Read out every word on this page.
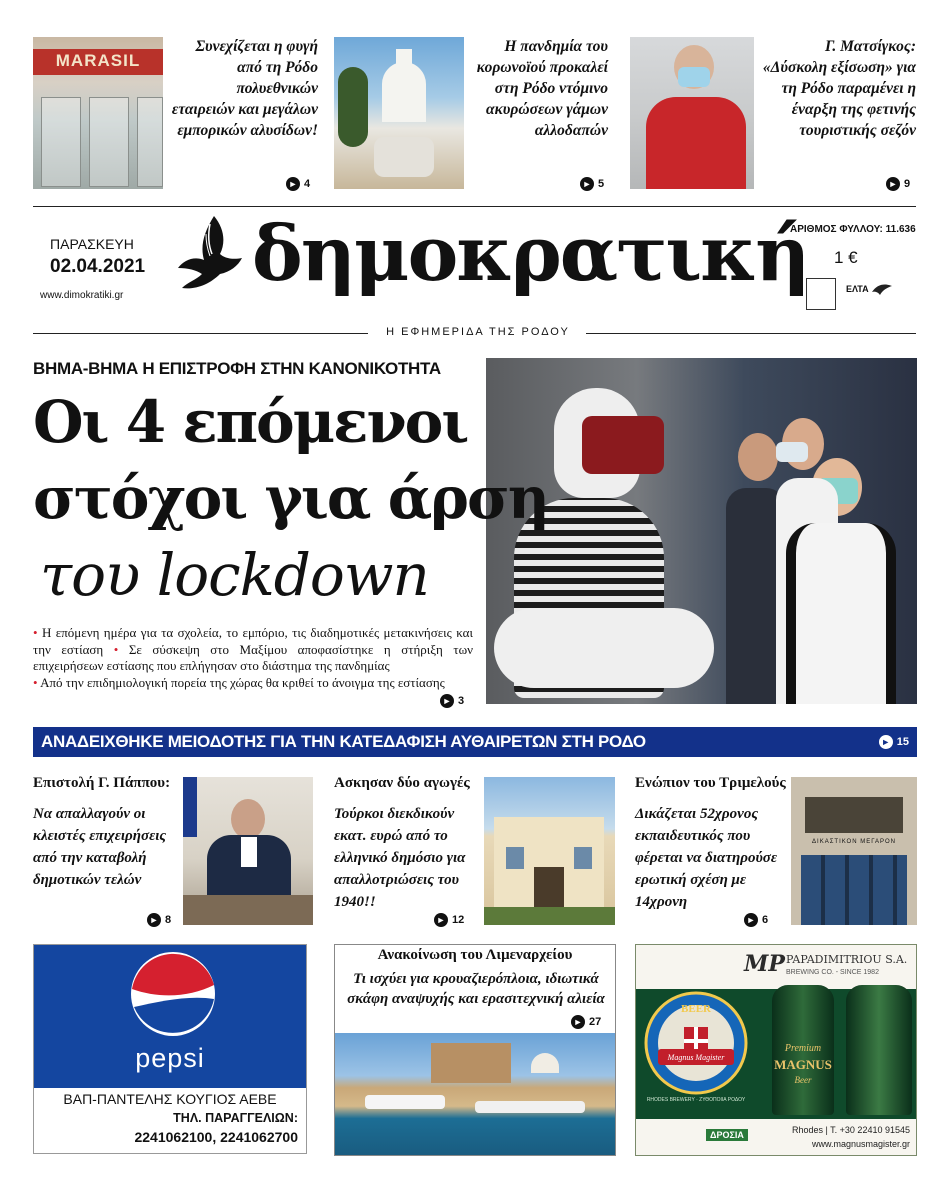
MARASIL
Συνεχίζεται η φυγή από τη Ρόδο πολυεθνικών εταιρειών και μεγάλων εμπορικών αλυσίδων!
► 4
Η πανδημία του κορωνοϊού προκαλεί στη Ρόδο ντόμινο ακυρώσεων γάμων αλλοδαπών
► 5
Γ. Ματσίγκος: «Δύσκολη εξίσωση» για τη Ρόδο παραμένει η έναρξη της φετινής τουριστικής σεζόν
► 9
ΠΑΡΑΣΚΕΥΗ
02.04.2021
www.dimokratiki.gr δημοκρατική
ΑΡΙΘΜΟΣ ΦΥΛΛΟΥ: 11.636
1 €
ΕΛΤΑ
Η ΕΦΗΜΕΡΙΔΑ ΤΗΣ ΡΟΔΟΥ
ΒΗΜΑ-ΒΗΜΑ Η ΕΠΙΣΤΡΟΦΗ ΣΤΗΝ ΚΑΝΟΝΙΚΟΤΗΤΑ
Οι 4 επόμενοι
στόχοι για άρση
του lockdown
• Η επόμενη ημέρα για τα σχολεία, το εμπόριο, τις διαδημοτικές μετακινήσεις και την εστίαση • Σε σύσκεψη στο Μαξίμου αποφασίστηκε η στήριξη των επιχειρήσεων εστίασης που επλήγησαν στο διάστημα της πανδημίας
• Από την επιδημιολογική πορεία της χώρας θα κριθεί το άνοιγμα της εστίασης
► 3
ΑΝΑΔΕΙΧΘΗΚΕ ΜΕΙΟΔΟΤΗΣ ΓΙΑ ΤΗΝ ΚΑΤΕΔΑΦΙΣΗ ΑΥΘΑΙΡΕΤΩΝ ΣΤΗ ΡΟΔΟ	► 15
Επιστολή Γ. Πάππου:
Να απαλλαγούν οι κλειστές επιχειρήσεις από την καταβολή δημοτικών τελών
► 8
Ασκησαν δύο αγωγές
Τούρκοι διεκδικούν εκατ. ευρώ από το ελληνικό δημόσιο για απαλλοτριώσεις του 1940!!
► 12
Ενώπιον του Τριμελούς
Δικάζεται 52χρονος εκπαιδευτικός που φέρεται να διατηρούσε ερωτική σχέση με 14χρονη
► 6
ΔΙΚΑΣΤΙΚΟΝ ΜΕΓΑΡΟΝ
pepsi
ΒΑΠ-ΠΑΝΤΕΛΗΣ ΚΟΥΓΙΟΣ ΑΕΒΕ
ΤΗΛ. ΠΑΡΑΓΓΕΛΙΩΝ:
2241062100, 2241062700
Ανακοίνωση του Λιμεναρχείου
Τι ισχύει για κρουαζιερόπλοια, ιδιωτικά σκάφη αναψυχής και ερασιτεχνική αλιεία
► 27
MP PAPADIMITRIOU S.A.
BREWING CO. - SINCE 1982
BEER
Magnus Magister
RHODES BREWERY · ΖΥΘΟΠΟΙΙΑ ΡΟΔΟΥ
Premium
MAGNUS
Beer
ΔΡΟΣΙΑ	Rhodes | T. +30 22410 91545
www.magnusmagister.gr
